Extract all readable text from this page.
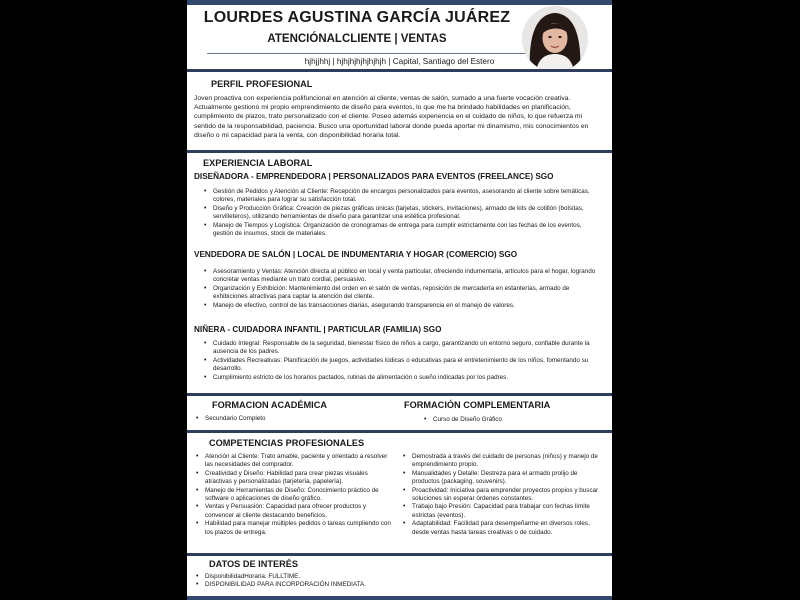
LOURDES AGUSTINA GARCÍA JUÁREZ
ATENCIÓNALCLIENTE | VENTAS
hjhjjhhj | hjhjhjhjhjhjhjh | Capital, Santiago del Estero
PERFIL PROFESIONAL
Joven proactiva con experiencia polifuncional en atención al cliente, ventas de salón, sumado a una fuerte vocación creativa. Actualmente gestiono mi propio emprendimiento de diseño para eventos, lo que me ha brindado habilidades en planificación, cumplimiento de plazos, trato personalizado con el cliente. Poseo además experiencia en el cuidado de niños, lo que refuerza mi sentido de la responsabilidad, paciencia. Busco una oportunidad laboral donde pueda aportar mi dinamismo, mis conocimientos en diseño o mi capacidad para la venta, con disponibilidad horaria total.
EXPERIENCIA LABORAL
DISEÑADORA - EMPRENDEDORA | PERSONALIZADOS PARA EVENTOS (FREELANCE) SGO
• Gestión de Pedidos y Atención al Cliente: Recepción de encargos personalizados para eventos, asesorando al cliente sobre temáticas, colores, materiales para lograr su satisfacción total.
• Diseño y Producción Gráfica: Creación de piezas gráficas únicas (tarjetas, stickers, invitaciones), armado de kits de cotillón (bolsitas, servilleteros), utilizando herramientas de diseño para garantizar una estética profesional.
• Manejo de Tiempos y Logística: Organización de cronogramas de entrega para cumplir estrictamente con las fechas de los eventos, gestión de insumos, stock de materiales.
VENDEDORA DE SALÓN | LOCAL DE INDUMENTARIA Y HOGAR (COMERCIO) SGO
• Asesoramiento y Ventas: Atención directa al público en local y venta particular, ofreciendo indumentaria, artículos para el hogar, logrando concretar ventas mediante un trato cordial, persuasivo.
• Organización y Exhibición: Mantenimiento del orden en el salón de ventas, reposición de mercadería en estanterías, armado de exhibiciones atractivas para captar la atención del cliente.
• Manejo de efectivo, control de las transacciones diarias, asegurando transparencia en el manejo de valores.
NIÑERA - CUIDADORA INFANTIL | PARTICULAR (FAMILIA) SGO
• Cuidado Integral: Responsable de la seguridad, bienestar físico de niños a cargo, garantizando un entorno seguro, confiable durante la ausencia de los padres.
• Actividades Recreativas: Planificación de juegos, actividades lúdicas o educativas para el entretenimiento de los niños, fomentando su desarrollo.
• Cumplimiento estricto de los horarios pactados, rutinas de alimentación o sueño indicadas por los padres.
FORMACION ACADÉMICA
• Secundario Completo
FORMACIÓN COMPLEMENTARIA
• Curso de Diseño Gráfico
COMPETENCIAS PROFESIONALES
• Atención al Cliente: Trato amable, paciente y orientado a resolver las necesidades del comprador.
• Creatividad y Diseño: Habilidad para crear piezas visuales atractivas y personalizadas (tarjetería, papelería).
• Manejo de Herramientas de Diseño: Conocimiento práctico de software o aplicaciones de diseño gráfico.
• Ventas y Persuasión: Capacidad para ofrecer productos y convencer al cliente destacando beneficios.
• Habilidad para manejar múltiples pedidos o tareas cumpliendo con los plazos de entrega.
• Demostrada a través del cuidado de personas (niños) y manejo de emprendimiento propio.
• Manualidades y Detalle: Destreza para el armado prolijo de productos (packaging, souvenirs).
• Proactividad: Iniciativa para emprender proyectos propios y buscar soluciones sin esperar órdenes constantes.
• Trabajo bajo Presión: Capacidad para trabajar con fechas límite estrictas (eventos).
• Adaptabilidad: Facilidad para desempeñarme en diversos roles, desde ventas hasta tareas creativas o de cuidado.
DATOS DE INTERÉS
• DisponibilidadHoraria: FULLTIME.
• DISPONIBILIDAD PARA INCORPORACIÓN INMEDIATA.
